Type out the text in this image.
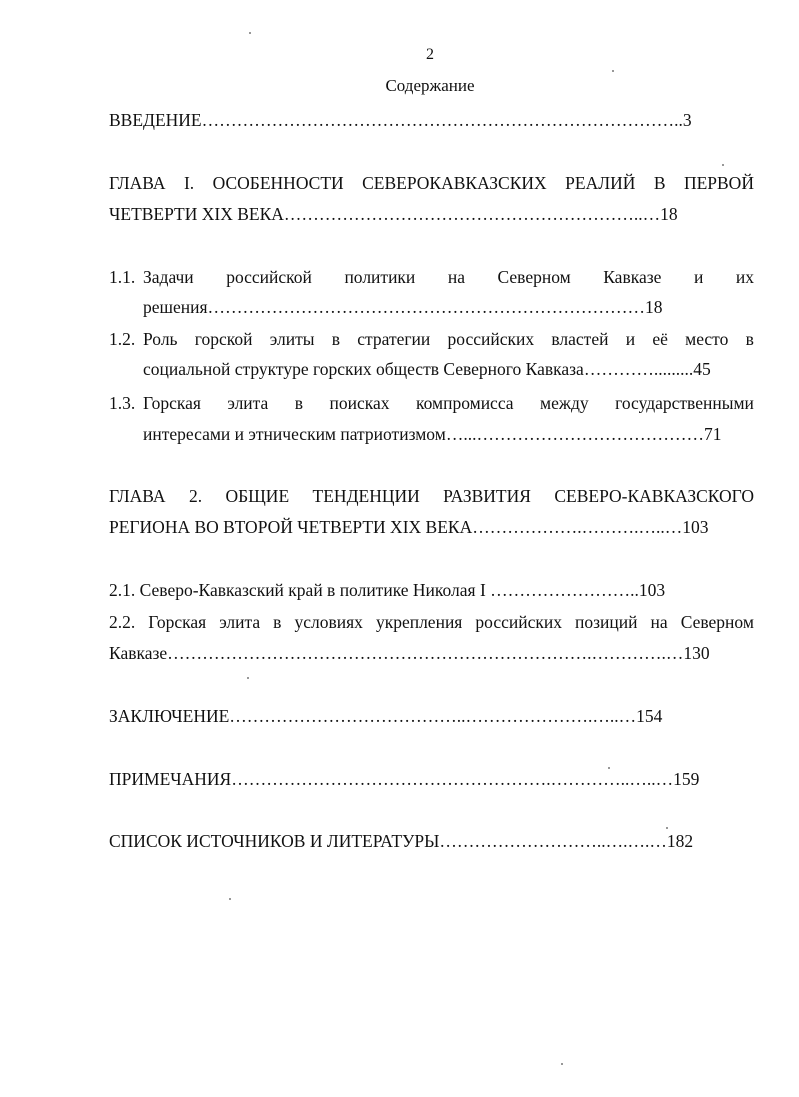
2
Содержание
ВВЕДЕНИЕ………………………………………………………………………..3
ГЛАВА I. ОСОБЕННОСТИ СЕВЕРОКАВКАЗСКИХ РЕАЛИЙ В ПЕРВОЙ
ЧЕТВЕРТИ XIX ВЕКА……………………………………………………..…18
1.1. Задачи российской политики на Северном Кавказе и их
решения…………………………………………………………………18
1.2. Роль горской элиты в стратегии российских властей и её место в
социальной структуре горских обществ Северного Кавказа………….........45
1.3. Горская элита в поисках компромисса между государственными
интересами и этническим патриотизмом…...…………………………………71
ГЛАВА 2. ОБЩИЕ ТЕНДЕНЦИИ РАЗВИТИЯ СЕВЕРО-КАВКАЗСКОГО
РЕГИОНА ВО ВТОРОЙ ЧЕТВЕРТИ XIX ВЕКА……………….……….…..…103
2.1. Северо-Кавказский край в политике Николая I ……………………..103
2.2. Горская элита в условиях укрепления российских позиций на Северном
Кавказе……………………………………………………………….………….…130
ЗАКЛЮЧЕНИЕ…………………………………..………………….…..…154
ПРИМЕЧАНИЯ……………………………………………….…………..…..…159
СПИСОК ИСТОЧНИКОВ И ЛИТЕРАТУРЫ………………………..….….…182
